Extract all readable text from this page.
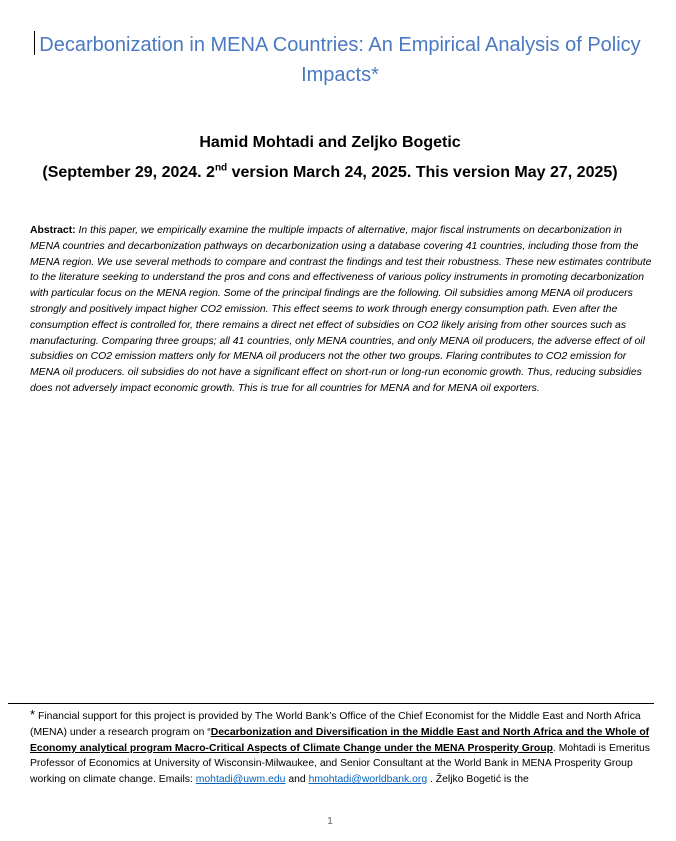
Decarbonization in MENA Countries: An Empirical Analysis of Policy Impacts*
Hamid Mohtadi and Zeljko Bogetic
(September 29, 2024. 2nd version March 24, 2025. This version May 27, 2025)
Abstract: In this paper, we empirically examine the multiple impacts of alternative, major fiscal instruments on decarbonization in MENA countries and decarbonization pathways on decarbonization using a database covering 41 countries, including those from the MENA region. We use several methods to compare and contrast the findings and test their robustness. These new estimates contribute to the literature seeking to understand the pros and cons and effectiveness of various policy instruments in promoting decarbonization with particular focus on the MENA region. Some of the principal findings are the following. Oil subsidies among MENA oil producers strongly and positively impact higher CO2 emission. This effect seems to work through energy consumption path. Even after the consumption effect is controlled for, there remains a direct net effect of subsidies on CO2 likely arising from other sources such as manufacturing. Comparing three groups; all 41 countries, only MENA countries, and only MENA oil producers, the adverse effect of oil subsidies on CO2 emission matters only for MENA oil producers not the other two groups. Flaring contributes to CO2 emission for MENA oil producers. oil subsidies do not have a significant effect on short-run or long-run economic growth. Thus, reducing subsidies does not adversely impact economic growth. This is true for all countries for MENA and for MENA oil exporters.
* Financial support for this project is provided by The World Bank’s Office of the Chief Economist for the Middle East and North Africa (MENA) under a research program on “Decarbonization and Diversification in the Middle East and North Africa and the Whole of Economy analytical program Macro-Critical Aspects of Climate Change under the MENA Prosperity Group. Mohtadi is Emeritus Professor of Economics at University of Wisconsin-Milwaukee, and Senior Consultant at the World Bank in MENA Prosperity Group working on climate change. Emails: mohtadi@uwm.edu and hmohtadi@worldbank.org . Željko Bogetić is the
1
